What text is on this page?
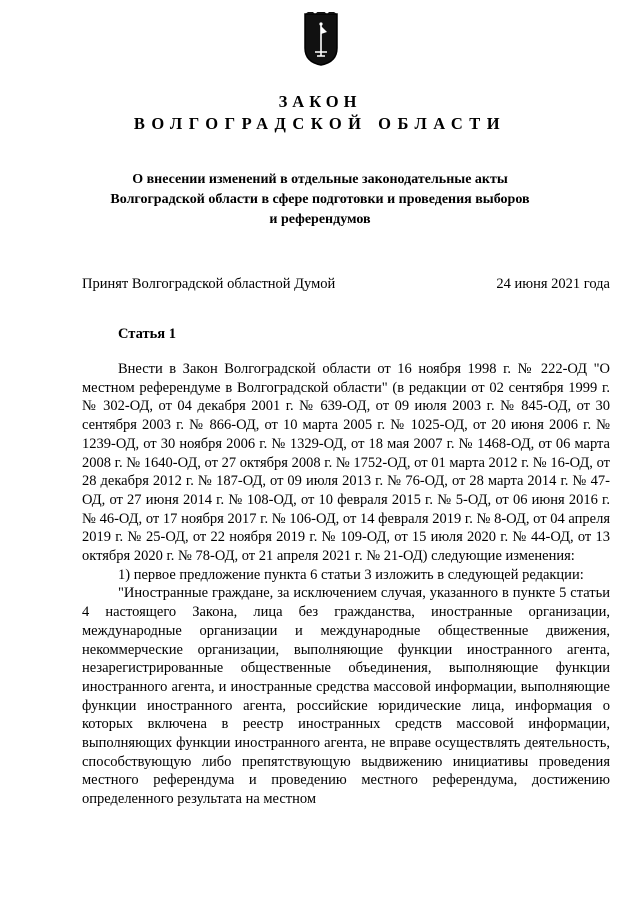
ЗАКОН
ВОЛГОГРАДСКОЙ ОБЛАСТИ
О внесении изменений в отдельные законодательные акты Волгоградской области в сфере подготовки и проведения выборов и референдумов
Принят Волгоградской областной Думой	24 июня 2021 года
Статья 1

Внести в Закон Волгоградской области от 16 ноября 1998 г. № 222-ОД "О местном референдуме в Волгоградской области" (в редакции от 02 сентября 1999 г. № 302-ОД, от 04 декабря 2001 г. № 639-ОД, от 09 июля 2003 г. № 845-ОД, от 30 сентября 2003 г. № 866-ОД, от 10 марта 2005 г. № 1025-ОД, от 20 июня 2006 г. № 1239-ОД, от 30 ноября 2006 г. № 1329-ОД, от 18 мая 2007 г. № 1468-ОД, от 06 марта 2008 г. № 1640-ОД, от 27 октября 2008 г. № 1752-ОД, от 01 марта 2012 г. № 16-ОД, от 28 декабря 2012 г. № 187-ОД, от 09 июля 2013 г. № 76-ОД, от 28 марта 2014 г. № 47-ОД, от 27 июня 2014 г. № 108-ОД, от 10 февраля 2015 г. № 5-ОД, от 06 июня 2016 г. № 46-ОД, от 17 ноября 2017 г. № 106-ОД, от 14 февраля 2019 г. № 8-ОД, от 04 апреля 2019 г. № 25-ОД, от 22 ноября 2019 г. № 109-ОД, от 15 июля 2020 г. № 44-ОД, от 13 октября 2020 г. № 78-ОД, от 21 апреля 2021 г. № 21-ОД) следующие изменения:

1) первое предложение пункта 6 статьи 3 изложить в следующей редакции:

"Иностранные граждане, за исключением случая, указанного в пункте 5 статьи 4 настоящего Закона, лица без гражданства, иностранные организации, международные организации и международные общественные движения, некоммерческие организации, выполняющие функции иностранного агента, незарегистрированные общественные объединения, выполняющие функции иностранного агента, и иностранные средства массовой информации, выполняющие функции иностранного агента, российские юридические лица, информация о которых включена в реестр иностранных средств массовой информации, выполняющих функции иностранного агента, не вправе осуществлять деятельность, способствующую либо препятствующую выдвижению инициативы проведения местного референдума и проведению местного референдума, достижению определенного результата на местном
